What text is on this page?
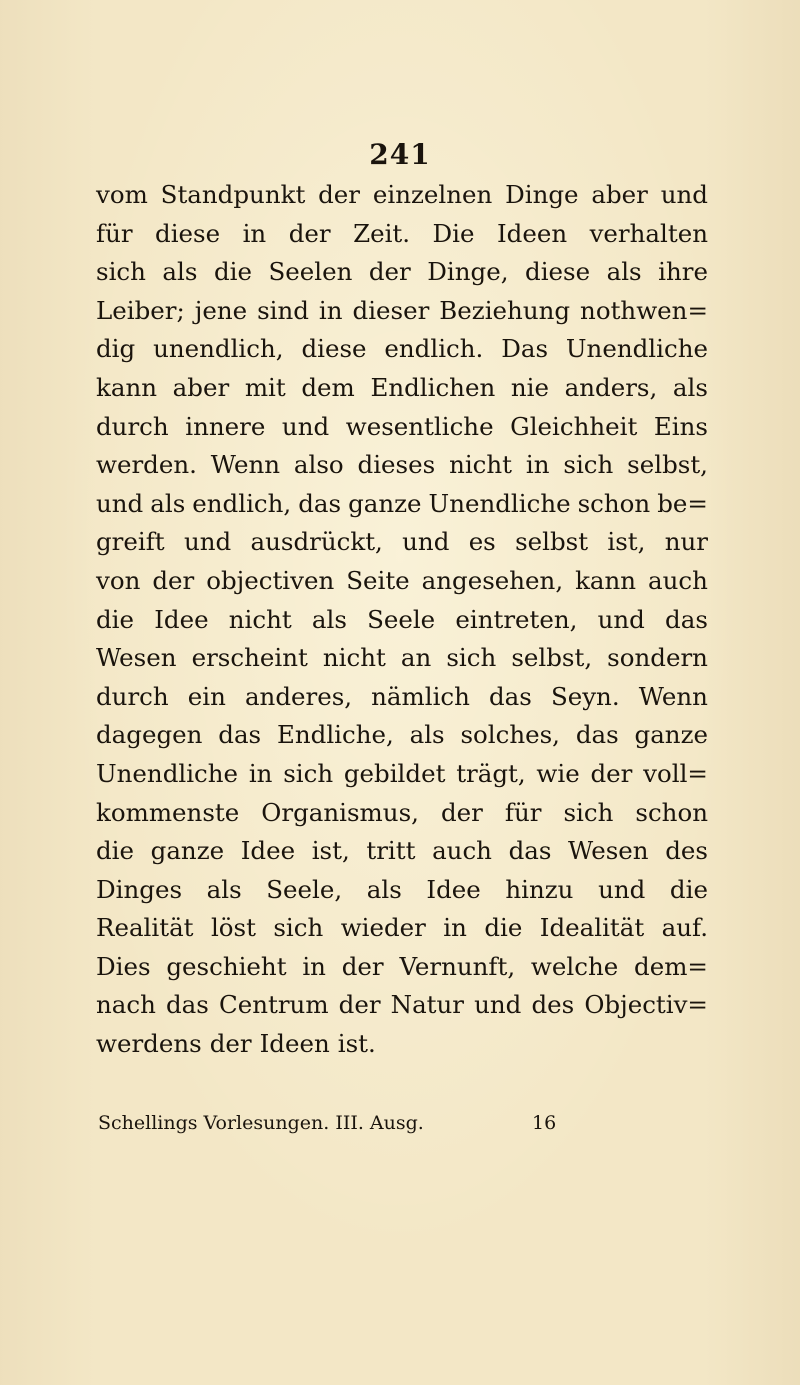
241
vom Standpunkt der einzelnen Dinge aber und
für diese in der Zeit. Die Ideen verhalten
sich als die Seelen der Dinge, diese als ihre
Leiber; jene sind in dieser Beziehung nothwen=
dig unendlich, diese endlich. Das Unendliche
kann aber mit dem Endlichen nie anders, als
durch innere und wesentliche Gleichheit Eins
werden. Wenn also dieses nicht in sich selbst,
und als endlich, das ganze Unendliche schon be=
greift und ausdrückt, und es selbst ist, nur
von der objectiven Seite angesehen, kann auch
die Idee nicht als Seele eintreten, und das
Wesen erscheint nicht an sich selbst, sondern
durch ein anderes, nämlich das Seyn. Wenn
dagegen das Endliche, als solches, das ganze
Unendliche in sich gebildet trägt, wie der voll=
kommenste Organismus, der für sich schon
die ganze Idee ist, tritt auch das Wesen des
Dinges als Seele, als Idee hinzu und die
Realität löst sich wieder in die Idealität auf.
Dies geschieht in der Vernunft, welche dem=
nach das Centrum der Natur und des Objectiv=
werdens der Ideen ist.
Schellings Vorlesungen. III. Ausg.	16
